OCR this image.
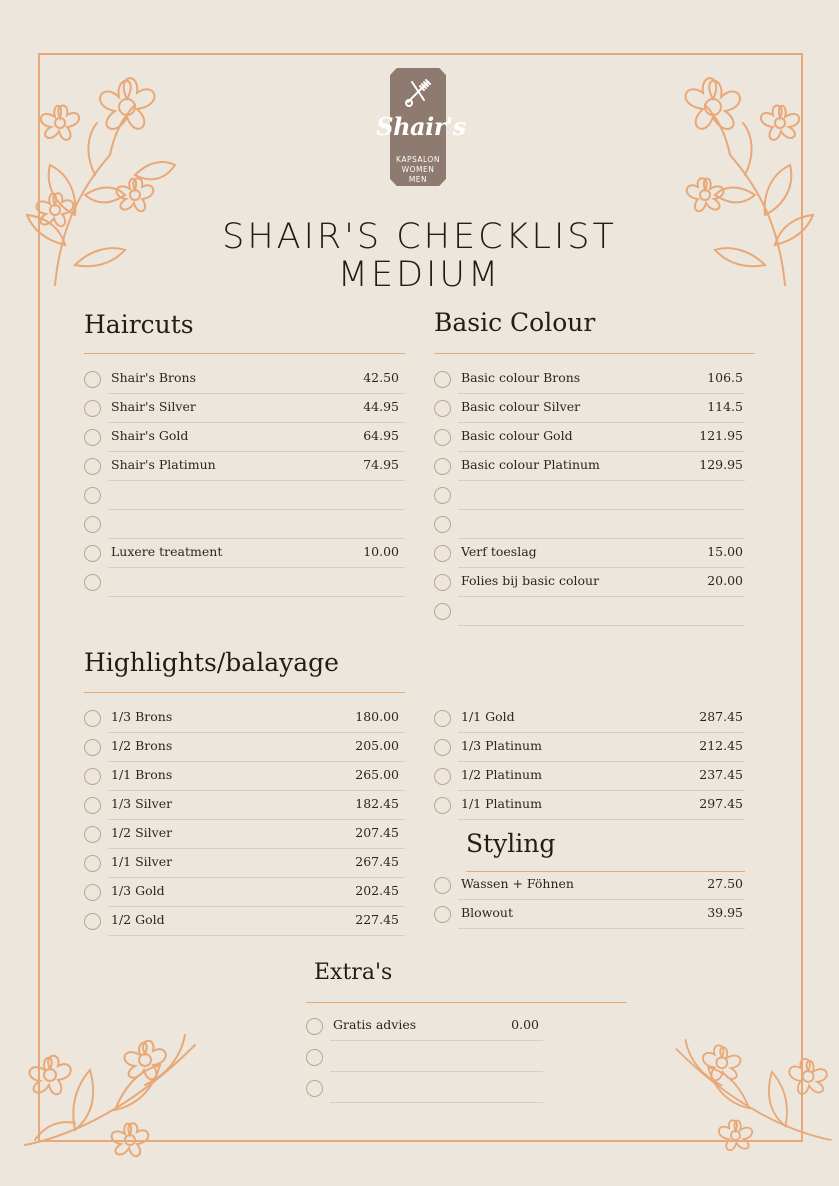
Shair's
KAPSALON
WOMEN
MEN
SHAIR'S CHECKLIST
MEDIUM
Haircuts	Basic Colour
Highlights/balayage
Styling
Extra's
Shair's Brons	42.50
Shair's Silver	44.95
Shair's Gold	64.95
Shair's Platimun	74.95
Luxere treatment	10.00
Basic colour Brons	106.5
Basic colour Silver	114.5
Basic colour Gold	121.95
Basic colour Platinum	129.95
Verf toeslag	15.00
Folies bij basic colour	20.00
1/3 Brons	180.00
1/2 Brons	205.00
1/1 Brons	265.00
1/3 Silver	182.45
1/2 Silver	207.45
1/1 Silver	267.45
1/3 Gold	202.45
1/2 Gold	227.45
1/1 Gold	287.45
1/3 Platinum	212.45
1/2 Platinum	237.45
1/1 Platinum	297.45
Wassen + Föhnen	27.50
Blowout	39.95
Gratis advies	0.00
